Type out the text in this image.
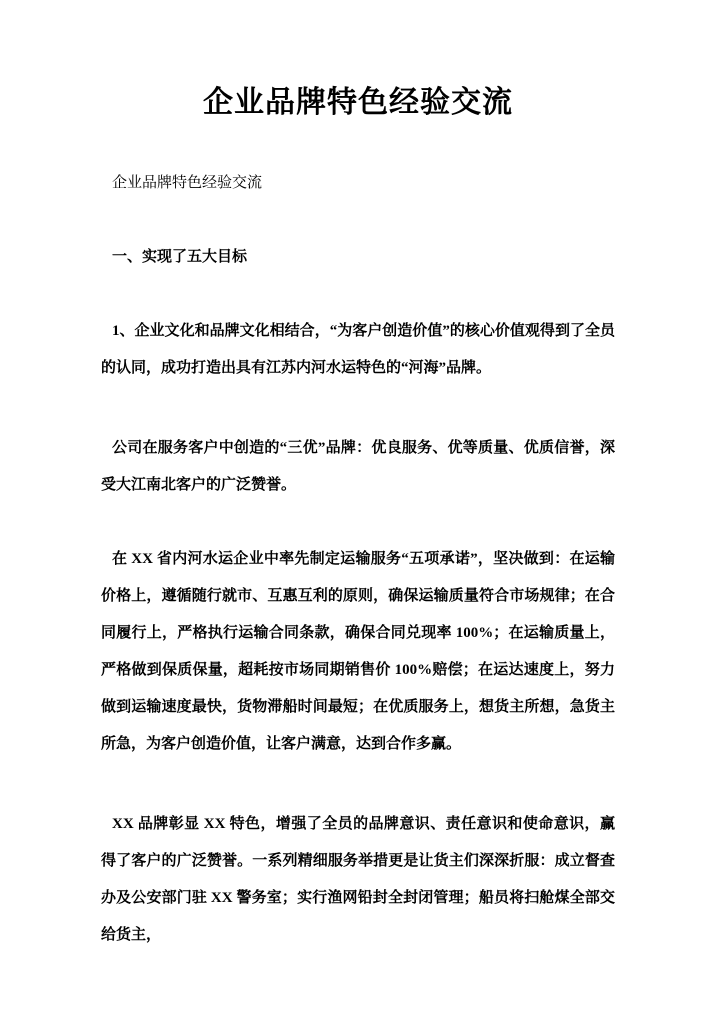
企业品牌特色经验交流

企业品牌特色经验交流

一、实现了五大目标

1、企业文化和品牌文化相结合，“为客户创造价值”的核心价值观得到了全员的认同，成功打造出具有江苏内河水运特色的“河海”品牌。

公司在服务客户中创造的“三优”品牌：优良服务、优等质量、优质信誉，深受大江南北客户的广泛赞誉。

在 XX 省内河水运企业中率先制定运输服务“五项承诺”，坚决做到：在运输价格上，遵循随行就市、互惠互利的原则，确保运输质量符合市场规律；在合同履行上，严格执行运输合同条款，确保合同兑现率 100%；在运输质量上，严格做到保质保量，超耗按市场同期销售价 100%赔偿；在运达速度上，努力做到运输速度最快，货物滞船时间最短；在优质服务上，想货主所想，急货主所急，为客户创造价值，让客户满意，达到合作多赢。

XX 品牌彰显 XX 特色，增强了全员的品牌意识、责任意识和使命意识，赢得了客户的广泛赞誉。一系列精细服务举措更是让货主们深深折服：成立督查办及公安部门驻 XX 警务室；实行渔网铅封全封闭管理；船员将扫舱煤全部交给货主，
